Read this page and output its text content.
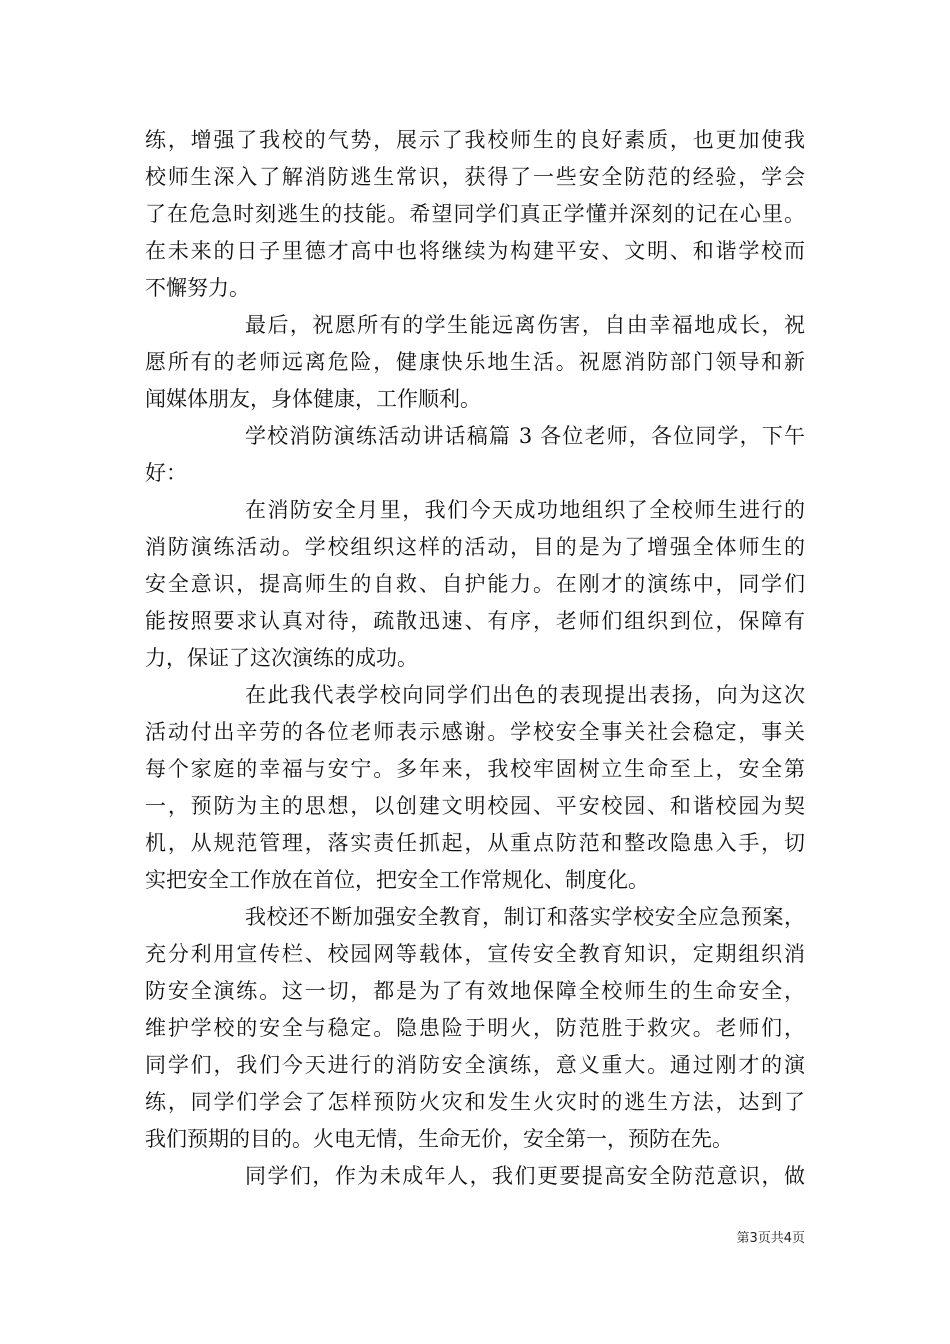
练，增强了我校的气势，展示了我校师生的良好素质，也更加使我
校师生深入了解消防逃生常识，获得了一些安全防范的经验，学会
了在危急时刻逃生的技能。希望同学们真正学懂并深刻的记在心里。
在未来的日子里德才高中也将继续为构建平安、文明、和谐学校而
不懈努力。
最后，祝愿所有的学生能远离伤害，自由幸福地成长，祝
愿所有的老师远离危险，健康快乐地生活。祝愿消防部门领导和新
闻媒体朋友，身体健康，工作顺利。
学校消防演练活动讲话稿篇 3 各位老师，各位同学，下午
好：
在消防安全月里，我们今天成功地组织了全校师生进行的
消防演练活动。学校组织这样的活动，目的是为了增强全体师生的
安全意识，提高师生的自救、自护能力。在刚才的演练中，同学们
能按照要求认真对待，疏散迅速、有序，老师们组织到位，保障有
力，保证了这次演练的成功。
在此我代表学校向同学们出色的表现提出表扬，向为这次
活动付出辛劳的各位老师表示感谢。学校安全事关社会稳定，事关
每个家庭的幸福与安宁。多年来，我校牢固树立生命至上，安全第
一，预防为主的思想，以创建文明校园、平安校园、和谐校园为契
机，从规范管理，落实责任抓起，从重点防范和整改隐患入手，切
实把安全工作放在首位，把安全工作常规化、制度化。
我校还不断加强安全教育，制订和落实学校安全应急预案，
充分利用宣传栏、校园网等载体，宣传安全教育知识，定期组织消
防安全演练。这一切，都是为了有效地保障全校师生的生命安全，
维护学校的安全与稳定。隐患险于明火，防范胜于救灾。老师们，
同学们，我们今天进行的消防安全演练，意义重大。通过刚才的演
练，同学们学会了怎样预防火灾和发生火灾时的逃生方法，达到了
我们预期的目的。火电无情，生命无价，安全第一，预防在先。
同学们，作为未成年人，我们更要提高安全防范意识，做
第3页共4页
